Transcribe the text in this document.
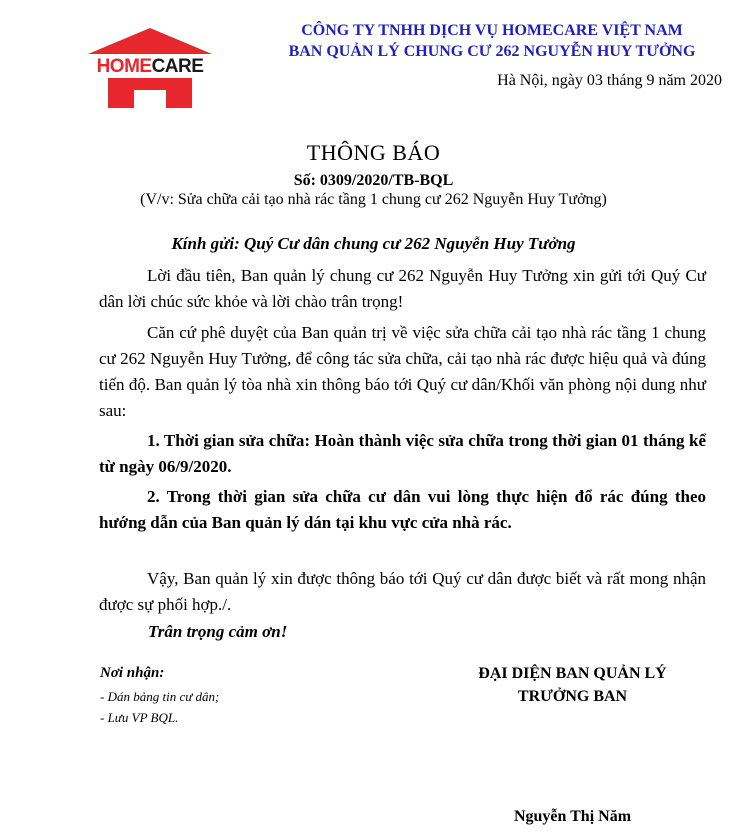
HOMECARE
CÔNG TY TNHH DỊCH VỤ HOMECARE VIỆT NAM
BAN QUẢN LÝ CHUNG CƯ 262 NGUYỄN HUY TƯỞNG
Hà Nội, ngày 03 tháng 9 năm 2020
THÔNG BÁO
Số: 0309/2020/TB-BQL
(V/v: Sửa chữa cải tạo nhà rác tầng 1 chung cư 262 Nguyễn Huy Tưởng)
Kính gửi: Quý Cư dân chung cư 262 Nguyễn Huy Tưởng
Lời đầu tiên, Ban quản lý chung cư 262 Nguyễn Huy Tưởng xin gửi tới Quý Cư dân lời chúc sức khỏe và lời chào trân trọng!
Căn cứ phê duyệt của Ban quản trị về việc sửa chữa cải tạo nhà rác tầng 1 chung cư 262 Nguyễn Huy Tưởng, để công tác sửa chữa, cải tạo nhà rác được hiệu quả và đúng tiến độ. Ban quản lý tòa nhà xin thông báo tới Quý cư dân/Khối văn phòng nội dung như sau:
1. Thời gian sửa chữa: Hoàn thành việc sửa chữa trong thời gian 01 tháng kể từ ngày 06/9/2020.
2. Trong thời gian sửa chữa cư dân vui lòng thực hiện đổ rác đúng theo hướng dẫn của Ban quản lý dán tại khu vực cửa nhà rác.
Vậy, Ban quản lý xin được thông báo tới Quý cư dân được biết và rất mong nhận được sự phối hợp./.
Trân trọng cảm ơn!
Nơi nhận:
- Dán bảng tin cư dân;
- Lưu VP BQL.
ĐẠI DIỆN BAN QUẢN LÝ
TRƯỞNG BAN
Nguyễn Thị Năm
